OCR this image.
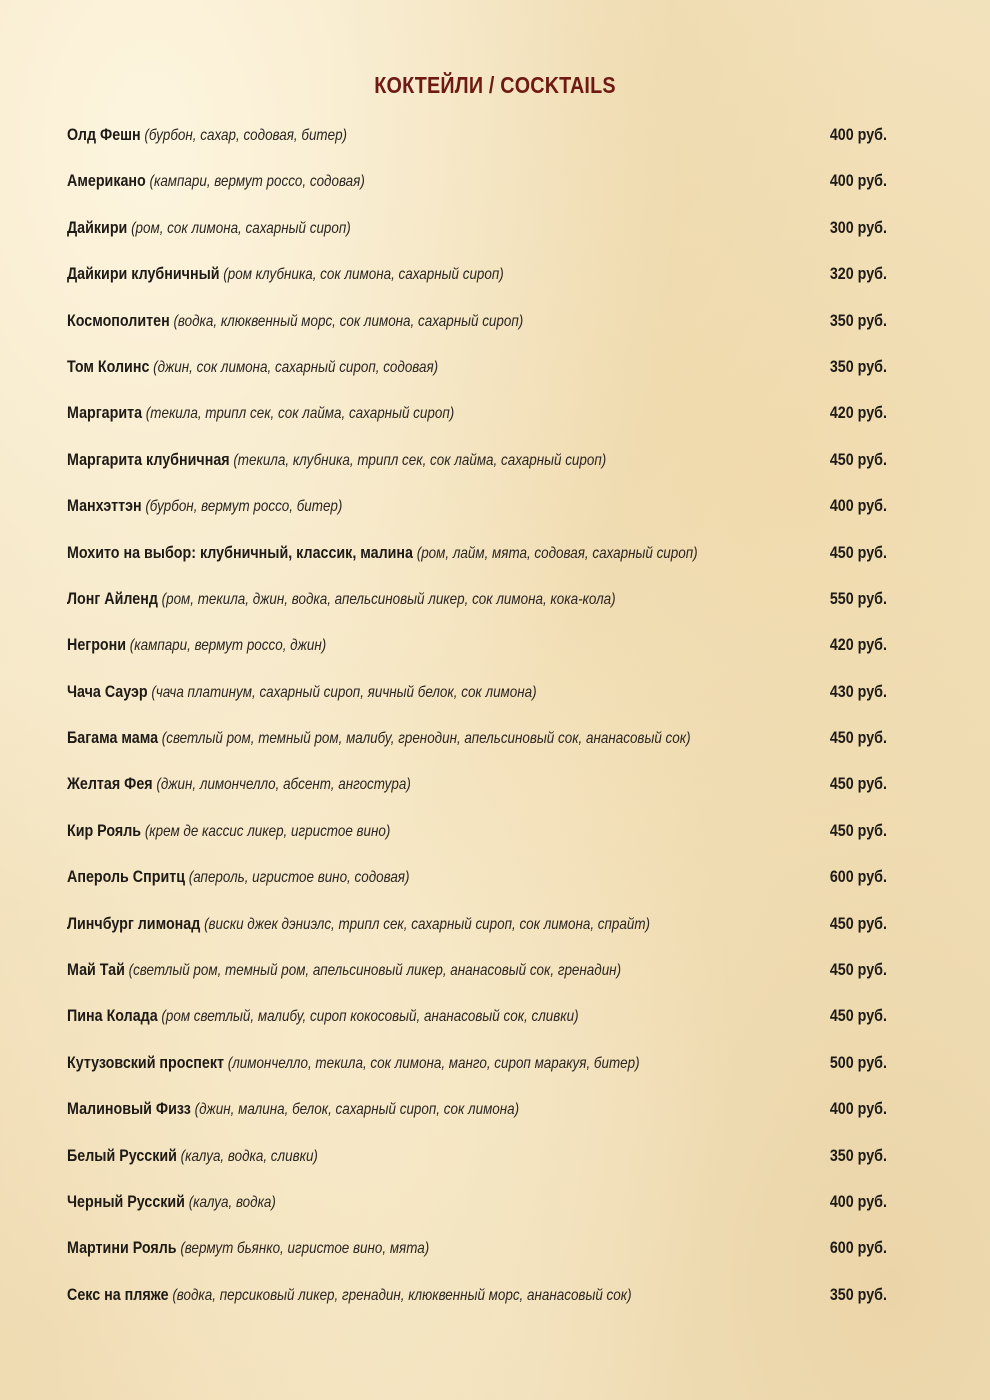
КОКТЕЙЛИ / COCKTAILS
Олд Фешн (бурбон, сахар, содовая, битер)	400 руб.
Американо (кампари, вермут россо, содовая)	400 руб.
Дайкири (ром, сок лимона, сахарный сироп)	300 руб.
Дайкири клубничный (ром клубника, сок лимона, сахарный сироп)	320 руб.
Космополитен (водка, клюквенный морс, сок лимона, сахарный сироп)	350 руб.
Том Колинс (джин, сок лимона, сахарный сироп, содовая)	350 руб.
Маргарита (текила, трипл сек, сок лайма, сахарный сироп)	420 руб.
Маргарита клубничная (текила, клубника, трипл сек, сок лайма, сахарный сироп)	450 руб.
Манхэттэн (бурбон, вермут россо, битер)	400 руб.
Мохито на выбор: клубничный, классик, малина (ром, лайм, мята, содовая, сахарный сироп)	450 руб.
Лонг Айленд (ром, текила, джин, водка, апельсиновый ликер, сок лимона, кока-кола)	550 руб.
Негрони (кампари, вермут россо, джин)	420 руб.
Чача Сауэр (чача платинум, сахарный сироп, яичный белок, сок лимона)	430 руб.
Багама мама (светлый ром, темный ром, малибу, гренодин, апельсиновый сок, ананасовый сок)	450 руб.
Желтая Фея (джин, лимончелло, абсент, ангостура)	450 руб.
Кир Рояль (крем де кассис ликер, игристое вино)	450 руб.
Апероль Спритц (апероль, игристое вино, содовая)	600 руб.
Линчбург лимонад (виски джек дэниэлс, трипл сек, сахарный сироп, сок лимона, спрайт)	450 руб.
Май Тай (светлый ром, темный ром, апельсиновый ликер, ананасовый сок, гренадин)	450 руб.
Пина Колада (ром светлый, малибу, сироп кокосовый, ананасовый сок, сливки)	450 руб.
Кутузовский проспект (лимончелло, текила, сок лимона, манго, сироп маракуя, битер)	500 руб.
Малиновый Физз (джин, малина, белок, сахарный сироп, сок лимона)	400 руб.
Белый Русский (калуа, водка, сливки)	350 руб.
Черный Русский (калуа, водка)	400 руб.
Мартини Рояль (вермут бьянко, игристое вино, мята)	600 руб.
Секс на пляже (водка, персиковый ликер, гренадин, клюквенный морс, ананасовый сок)	350 руб.
